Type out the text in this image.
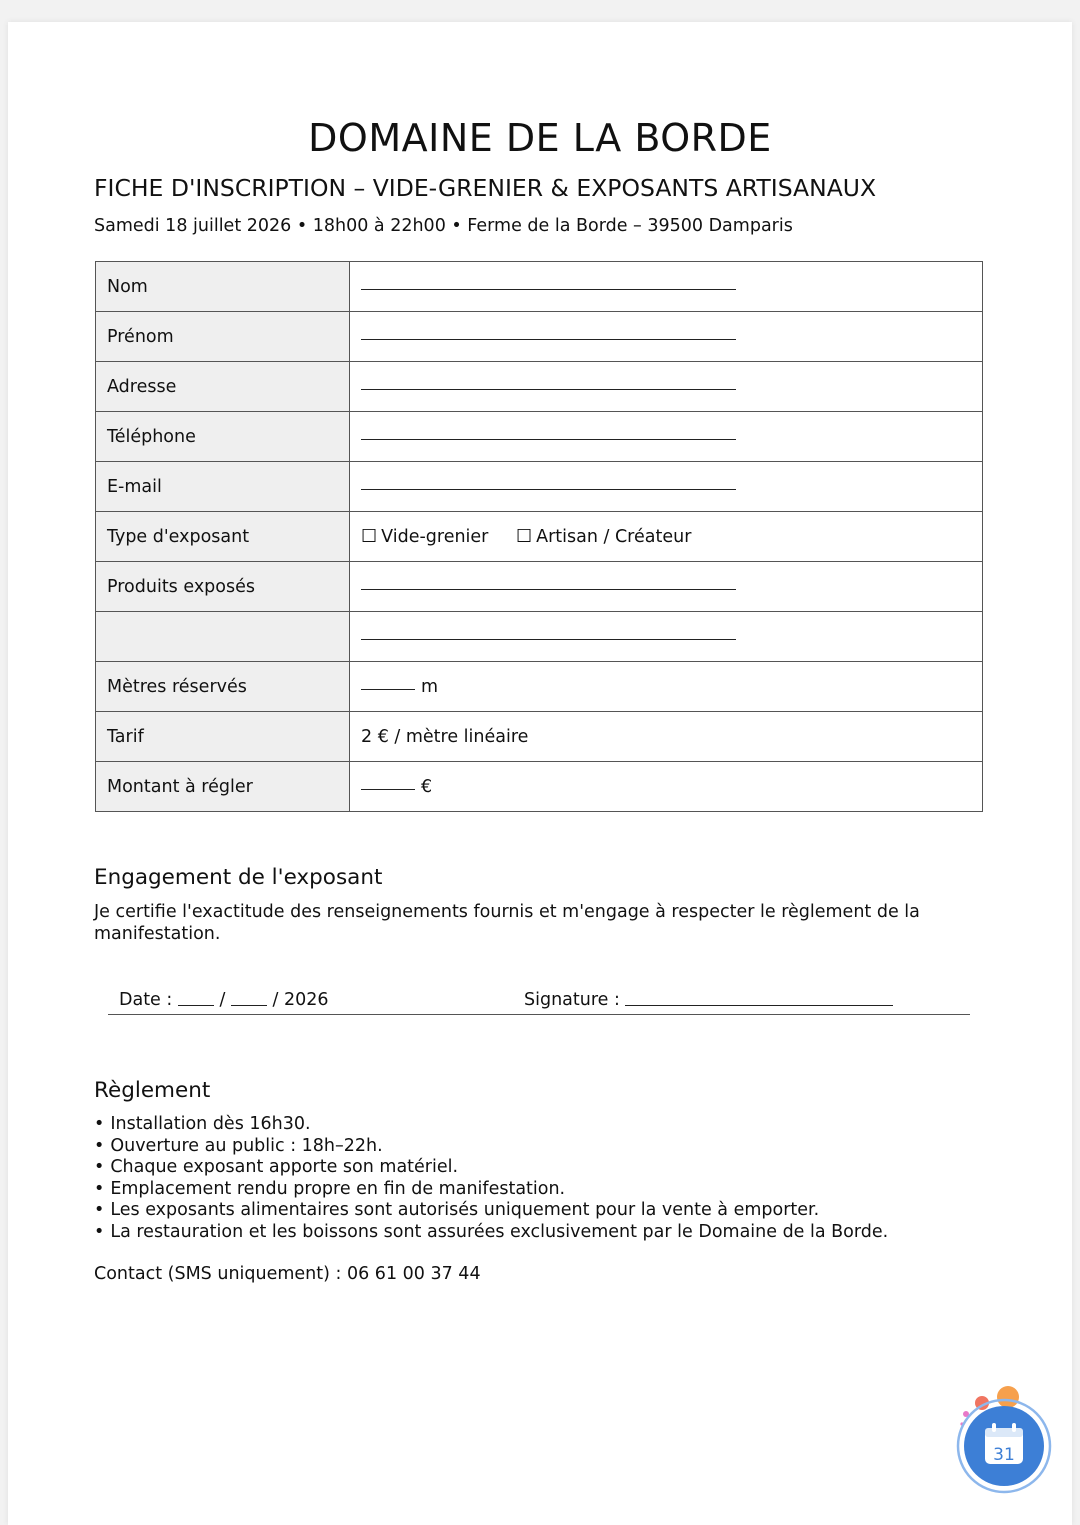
DOMAINE DE LA BORDE
FICHE D'INSCRIPTION – VIDE-GRENIER & EXPOSANTS ARTISANAUX
Samedi 18 juillet 2026 • 18h00 à 22h00 • Ferme de la Borde – 39500 Damparis
Nom	
Prénom	
Adresse	
Téléphone	
E-mail	
Type d'exposant	☐ Vide-grenier ☐ Artisan / Créateur
Produits exposés	

Mètres réservés	m
Tarif	2 € / mètre linéaire
Montant à régler	€
Engagement de l'exposant
Je certifie l'exactitude des renseignements fournis et m'engage à respecter le règlement de la manifestation.
Date :	/	/ 2026	Signature :
Règlement
• Installation dès 16h30.
• Ouverture au public : 18h–22h.
• Chaque exposant apporte son matériel.
• Emplacement rendu propre en fin de manifestation.
• Les exposants alimentaires sont autorisés uniquement pour la vente à emporter.
• La restauration et les boissons sont assurées exclusivement par le Domaine de la Borde.
Contact (SMS uniquement) : 06 61 00 37 44
31
